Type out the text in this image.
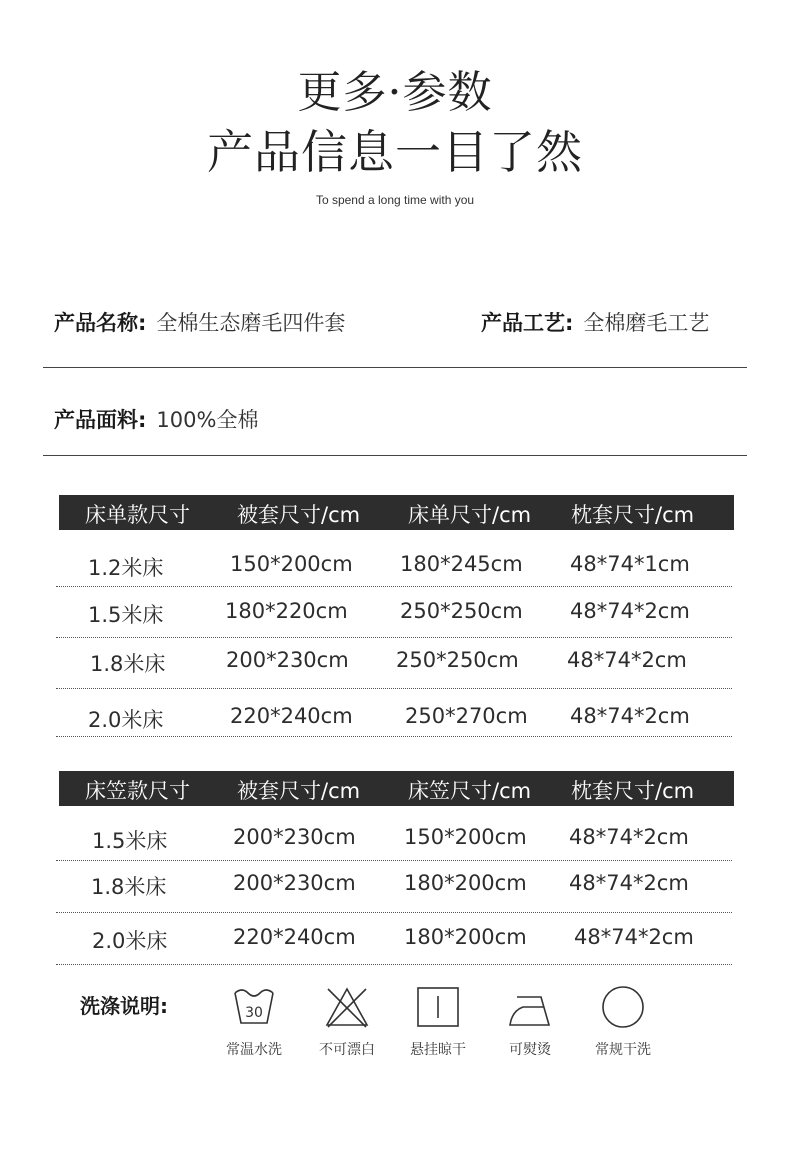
更多·参数
产品信息一目了然
To spend a long time with you
产品名称: 全棉生态磨毛四件套	产品工艺: 全棉磨毛工艺
产品面料: 100%全棉
床单款尺寸 被套尺寸/cm 床单尺寸/cm 枕套尺寸/cm
1.2米床	150*200cm 180*245cm 48*74*1cm
1.5米床	180*220cm 250*250cm 48*74*2cm
1.8米床	200*230cm 250*250cm 48*74*2cm
2.0米床	220*240cm 250*270cm 48*74*2cm
床笠款尺寸 被套尺寸/cm 床笠尺寸/cm 枕套尺寸/cm
1.5米床	200*230cm 150*200cm 48*74*2cm
1.8米床	200*230cm 180*200cm 48*74*2cm
2.0米床	220*240cm 180*200cm 48*74*2cm
洗涤说明:	30
常温水洗	不可漂白	悬挂晾干	可熨烫	常规干洗
